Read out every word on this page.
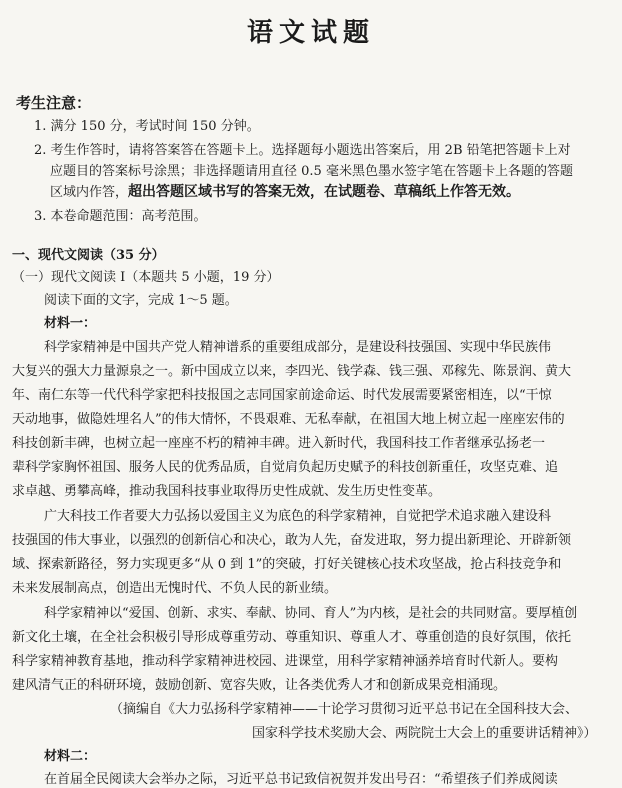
语文试题
考生注意：
1. 满分 150 分，考试时间 150 分钟。
2. 考生作答时，请将答案答在答题卡上。选择题每小题选出答案后，用 2B 铅笔把答题卡上对
应题目的答案标号涂黑；非选择题请用直径 0.5 毫米黑色墨水签字笔在答题卡上各题的答题
区域内作答，超出答题区域书写的答案无效，在试题卷、草稿纸上作答无效。
3. 本卷命题范围：高考范围。
一、现代文阅读（35 分）
（一）现代文阅读 Ⅰ（本题共 5 小题，19 分）
阅读下面的文字，完成 1～5 题。
材料一：
科学家精神是中国共产党人精神谱系的重要组成部分，是建设科技强国、实现中华民族伟
大复兴的强大力量源泉之一。新中国成立以来，李四光、钱学森、钱三强、邓稼先、陈景润、黄大
年、南仁东等一代代科学家把科技报国之志同国家前途命运、时代发展需要紧密相连，以“干惊
天动地事，做隐姓埋名人”的伟大情怀，不畏艰难、无私奉献，在祖国大地上树立起一座座宏伟的
科技创新丰碑，也树立起一座座不朽的精神丰碑。进入新时代，我国科技工作者继承弘扬老一
辈科学家胸怀祖国、服务人民的优秀品质，自觉肩负起历史赋予的科技创新重任，攻坚克难、追
求卓越、勇攀高峰，推动我国科技事业取得历史性成就、发生历史性变革。
广大科技工作者要大力弘扬以爱国主义为底色的科学家精神，自觉把学术追求融入建设科
技强国的伟大事业，以强烈的创新信心和决心，敢为人先，奋发进取，努力提出新理论、开辟新领
域、探索新路径，努力实现更多“从 0 到 1”的突破，打好关键核心技术攻坚战，抢占科技竞争和
未来发展制高点，创造出无愧时代、不负人民的新业绩。
科学家精神以“爱国、创新、求实、奉献、协同、育人”为内核，是社会的共同财富。要厚植创
新文化土壤，在全社会积极引导形成尊重劳动、尊重知识、尊重人才、尊重创造的良好氛围，依托
科学家精神教育基地，推动科学家精神进校园、进课堂，用科学家精神涵养培育时代新人。要构
建风清气正的科研环境，鼓励创新、宽容失败，让各类优秀人才和创新成果竞相涌现。
（摘编自《大力弘扬科学家精神——十论学习贯彻习近平总书记在全国科技大会、
国家科学技术奖励大会、两院院士大会上的重要讲话精神》）
材料二：
在首届全民阅读大会举办之际，习近平总书记致信祝贺并发出号召：“希望孩子们养成阅读
